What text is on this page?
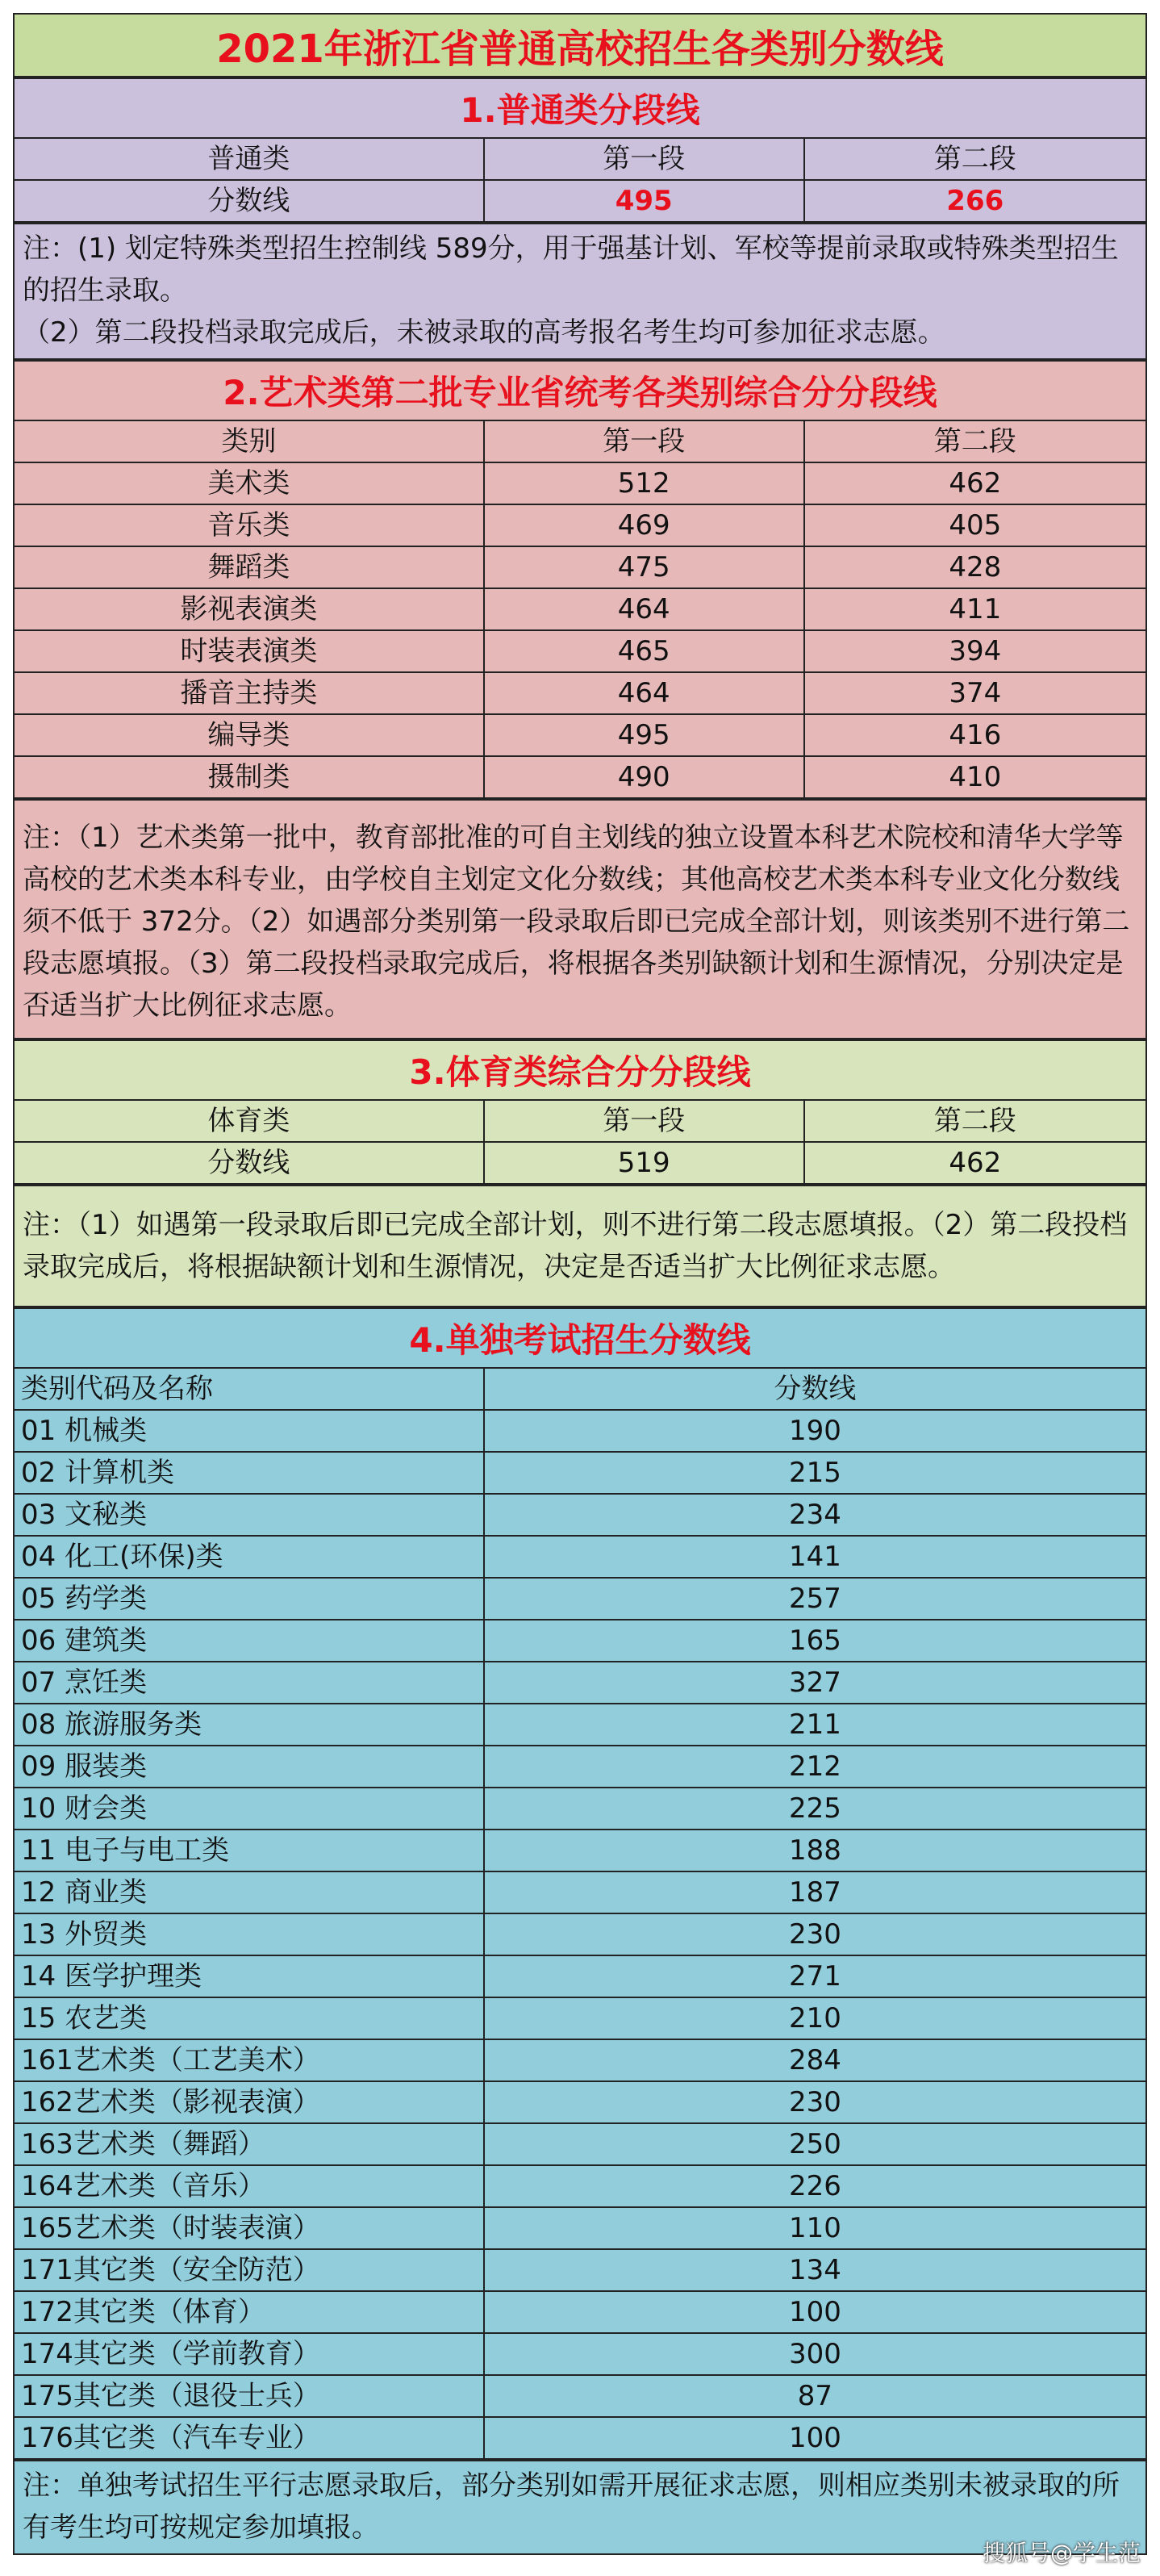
2021年浙江省普通高校招生各类别分数线
1.普通类分段线
普通类	第一段	第二段
分数线	495	266
注：(1) 划定特殊类型招生控制线 589分，用于强基计划、军校等提前录取或特殊类型招生的招生录取。
（2）第二段投档录取完成后，未被录取的高考报名考生均可参加征求志愿。
2.艺术类第二批专业省统考各类别综合分分段线
类别	第一段	第二段
美术类	512	462
音乐类	469	405
舞蹈类	475	428
影视表演类	464	411
时装表演类	465	394
播音主持类	464	374
编导类	495	416
摄制类	490	410
注：（1）艺术类第一批中，教育部批准的可自主划线的独立设置本科艺术院校和清华大学等高校的艺术类本科专业，由学校自主划定文化分数线；其他高校艺术类本科专业文化分数线须不低于 372分。（2）如遇部分类别第一段录取后即已完成全部计划，则该类别不进行第二段志愿填报。（3）第二段投档录取完成后，将根据各类别缺额计划和生源情况，分别决定是否适当扩大比例征求志愿。
3.体育类综合分分段线
体育类	第一段	第二段
分数线	519	462
注：（1）如遇第一段录取后即已完成全部计划，则不进行第二段志愿填报。（2）第二段投档录取完成后，将根据缺额计划和生源情况，决定是否适当扩大比例征求志愿。
4.单独考试招生分数线
类别代码及名称	分数线
01 机械类	190
02 计算机类	215
03 文秘类	234
04 化工(环保)类	141
05 药学类	257
06 建筑类	165
07 烹饪类	327
08 旅游服务类	211
09 服装类	212
10 财会类	225
11 电子与电工类	188
12 商业类	187
13 外贸类	230
14 医学护理类	271
15 农艺类	210
161艺术类（工艺美术）	284
162艺术类（影视表演）	230
163艺术类（舞蹈）	250
164艺术类（音乐）	226
165艺术类（时装表演）	110
171其它类（安全防范）	134
172其它类（体育）	100
174其它类（学前教育）	300
175其它类（退役士兵）	87
176其它类（汽车专业）	100
注：单独考试招生平行志愿录取后，部分类别如需开展征求志愿，则相应类别未被录取的所有考生均可按规定参加填报。
搜狐号@学生范
